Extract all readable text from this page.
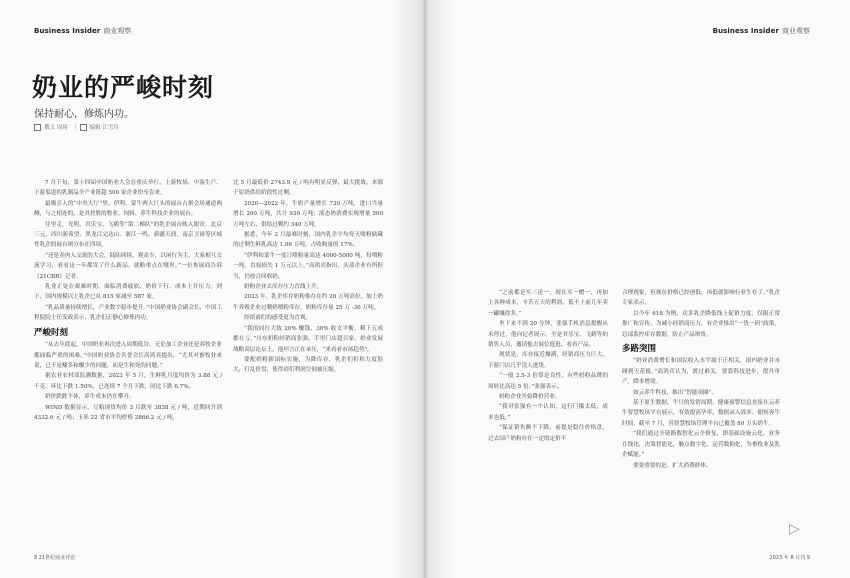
Business Insider 商业观察
奶业的严峻时刻
保持耐心，修炼内功。
撰文 周琦 | 编辑 江雪玲

7 月下旬，第十四届中国奶业大会在重庆举行，上游牧场、中游生产、下游渠道的乳制品全产业链超 500 家企业纷至沓来。

最吸引人的“中央大厅”里，伊利、蒙牛两大巨头的展台占据会场通道两侧，与之相连的，是其控股的牧业、饲料、养牛科技企业的展台。

往里走，光明、君乐宝、飞鹤等“第二梯队”的乳企展台映入眼帘，北京三元、四川新希望、黑龙江完达山、浙江一鸣、新疆天润、南京卫岗等区域性乳企的展台则分布在四周。

“还是卖肉入交流的大会，陆陆续续、观众少，以闲行为主，大家相互交流学习，看看这一年都发了什么新品，就略重点在哪里。”一位参展商告诉《21CBR》记者。

乳业正处在艰难时期，面临消费疲软、奶价下行、成本上升压力。到下，国内规模以上乳企已从 815 家减至 587 家。

“乳品质量持续增长，产业数字稳步提升。”中国奶业协会副会长、中国工程院院士任发政表示，乳企们正静心修炼内功。

严峻时刻

“从去年底起，中国奶业再次进入周期低谷，无论加工企业还是养牧企业都面临严重的困难。”中国奶业协会名誉会长高鸿宾提出，“尤其对畜牧业来说，已不是赚多和赚少的问题，而是生和死的问题。”

据农业农村部监测数据，2023 年 5 月，生鲜乳月度均价为 3.88 元 / 千克，环比下跌 1.50%，已连续 7 个月下跌，同比下跌 6.7%。

奶价跌跌不休，养牛成本仍在攀升。

WIND 数据显示，豆粕现货均价 3 月跌至 3838 元 / 吨，近期回升到 4332.6 元 / 吨；玉米 22 省市平均价格 2866.2 元 / 吨，

比 5 月最低价 2743.9 元 / 吨有明显反弹，最大挑战，来源于原奶供给阶段性过剩。

2020—2022 年，牛奶产量增长 730 万吨，进口当量增长 200 万吨，共计 930 万吨；液态奶消费实现增量 500 万吨左右，供给过剩约 340 万吨。

据悉，今年 2 月最难时刻，国内乳企平均每天喷粉储藏的过剩生鲜乳高达 1.06 万吨，占收购量的 17%。

“伊利和蒙牛一度日喷粉量高达 4000-5000 吨，每喷粉一吨，直接损失 1 万元以上，”高鸿宾指出，头部企业有所担当，仍按合同收奶。

奶粉企业去库存压力直线上升。

2023 年，乳企库存奶粉推存在约 20 万吨高位，加上奶牛养殖企业过剩奶喷粉库存，奶粉库存量 25 万 -30 万吨。

经销商们的感受更为直观。

“我的同行大致 20% 赚钱、30% 收支平衡，剩下五成都在亏。”川东奶粉经销商张强，手里门店超百家，奶业发展战略高层论坛上，他坦言正在承压，“来看看市场趋势”。

要配奶粉新国标实施，为降库存，乳企们折和力度很大，打乱价盘，使得商们利润空间被压缩。

8 21世纪商业评论
Business Insider 商业观察
2023 年 8 月刊 9

“之前都是买三送一，现在买一赠一，再加上各种成本，辛苦五天的利润，抵不上前几年卖一罐赚得多。”

坐下来不到 20 分钟，张强手机消息提醒从未停过，他向记者展示，全是君乐宝、飞鹤等的销售人员，邀请他去展位逛逛、看看产品。

现状是，库存接近爆满，经销商压力巨大，下游门店几乎没人进货。

“一般 2.5-3 倍算是良性，有些奶粉品牌的周转比高达 5 倍。”张强表示。

奶粉企业开始降价营业。

“我对张强有一个认知，这行门槛太低，成本也低。”

“保证销售额不下降，前提是稳住价格盘，过去国产奶粉存在一定的定价不

合理现象，但现在价格已经创低，再低就影响行业生存了。”乳企专家表示，

以今年 618 为例，众多乳企降低线上促销力度，仅限正常推广和宣传，为减小经销商压力，有企业推出“一货一码”政策，总部监控库存数据，防止产品窜货。

多路突围

“奶业消费增长和国民收入水平属于正相关，国内奶业并未碰到天花板。”高鸿宾认为，渡过难关，要靠科技进步，提升单产，降本增效。

如云养牛科技，推出“智能项圈”。

基于原生数据，牛只的发情周期、健康预警信息直接在云养牛智慧牧场平台展示，有效提高孕率、数据录入效率、缩短奔牛时间。截至 7 月，其智慧牧场管理平台已覆盖 80 万头奶牛。

“我们通过全链路数智化云全修复，即基础设施云化、业务在线化，决策智能化、触点数字化、运营数据化，为畜牧业及乳企赋能。”

要要重要的是，扩大消费群体。

▷
